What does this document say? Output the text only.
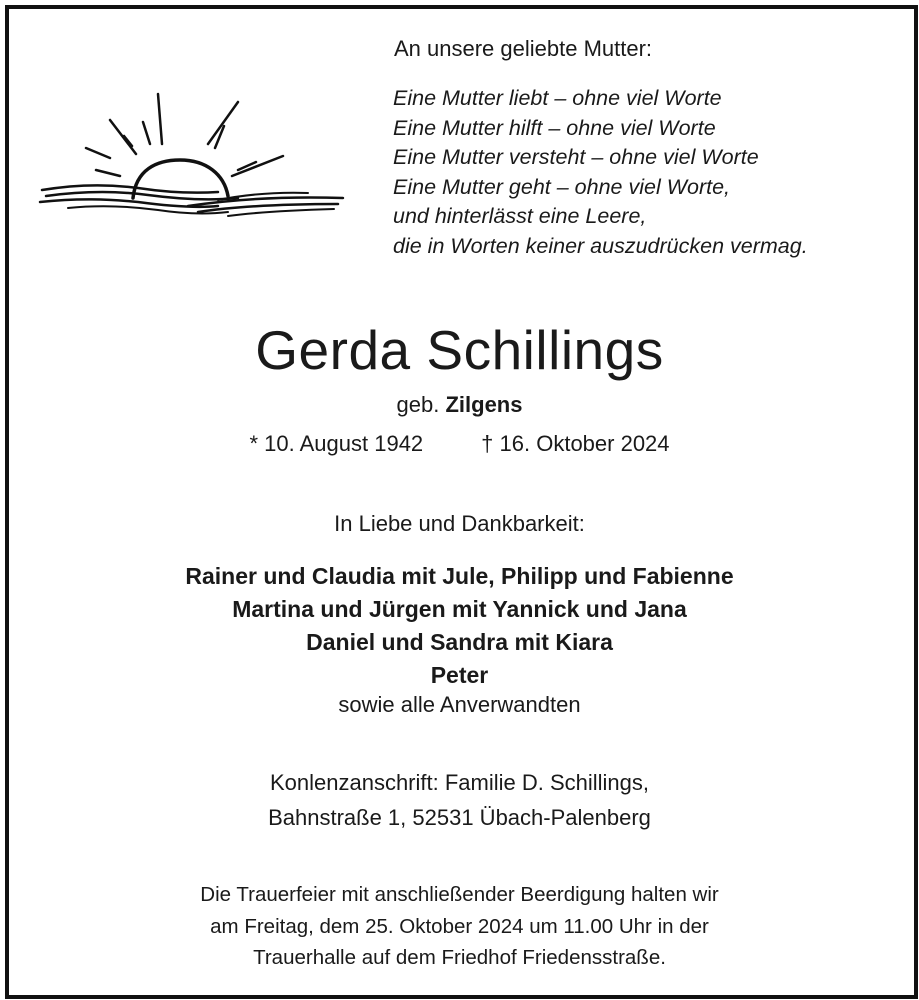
An unsere geliebte Mutter:
Eine Mutter liebt – ohne viel Worte
Eine Mutter hilft – ohne viel Worte
Eine Mutter versteht – ohne viel Worte
Eine Mutter geht – ohne viel Worte,
und hinterlässt eine Leere,
die in Worten keiner auszudrücken vermag.
Gerda Schillings
geb. Zilgens
* 10. August 1942	† 16. Oktober 2024
In Liebe und Dankbarkeit:
Rainer und Claudia mit Jule, Philipp und Fabienne
Martina und Jürgen mit Yannick und Jana
Daniel und Sandra mit Kiara
Peter
sowie alle Anverwandten
Konlenzanschrift: Familie D. Schillings,
Bahnstraße 1, 52531 Übach-Palenberg
Die Trauerfeier mit anschließender Beerdigung halten wir
am Freitag, dem 25. Oktober 2024 um 11.00 Uhr in der
Trauerhalle auf dem Friedhof Friedensstraße.
